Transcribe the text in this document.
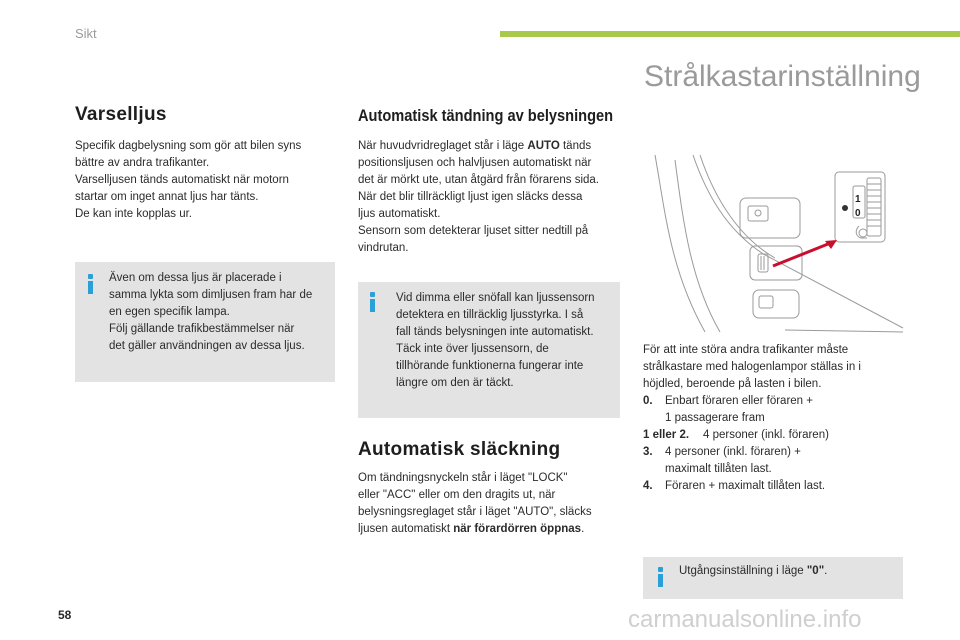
Sikt
Strålkastarinställning
Varselljus

Specifik dagbelysning som gör att bilen syns

bättre av andra trafikanter.

Varselljusen tänds automatiskt när motorn

startar om inget annat ljus har tänts.

De kan inte kopplas ur.

Även om dessa ljus är placerade i
samma lykta som dimljusen fram har de
en egen specifik lampa.
Följ gällande trafikbestämmelser när
det gäller användningen av dessa ljus.
Automatisk tändning av belysningen

När huvudvridreglaget står i läge AUTO tänds

positionsljusen och halvljusen automatiskt när

det är mörkt ute, utan åtgärd från förarens sida.

När det blir tillräckligt ljust igen släcks dessa

ljus automatiskt.

Sensorn som detekterar ljuset sitter nedtill på

vindrutan.

Vid dimma eller snöfall kan ljussensorn
detektera en tillräcklig ljusstyrka. I så
fall tänds belysningen inte automatiskt.
Täck inte över ljussensorn, de
tillhörande funktionerna fungerar inte
längre om den är täckt.
Automatisk släckning

Om tändningsnyckeln står i läget "LOCK"

eller "ACC" eller om den dragits ut, när

belysningsreglaget står i läget "AUTO", släcks

ljusen automatiskt när förardörren öppnas.

1
0

För att inte störa andra trafikanter måste

strålkastare med halogenlampor ställas in i

höjdled, beroende på lasten i bilen.

0.	Enbart föraren eller föraren +
1 passagerare fram
1 eller 2.	4 personer (inkl. föraren)
3.	4 personer (inkl. föraren) +
maximalt tillåten last.
4.	Föraren + maximalt tillåten last.
Utgångsinställning i läge "0".
58	carmanualsonline.info
